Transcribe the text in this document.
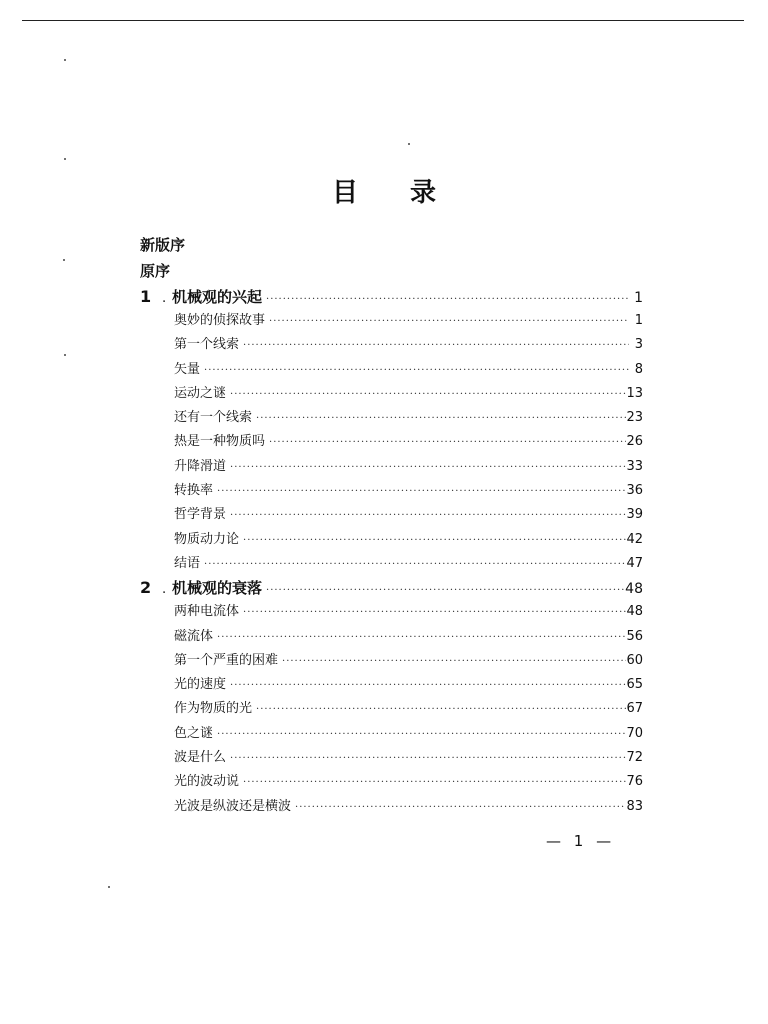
目 录
新版序
原序
1 . 机械观的兴起 ·····	1
奥妙的侦探故事 ·····	1
第一个线索 ·····	3
矢量 ·····	8
运动之谜 ·····	13
还有一个线索 ·····	23
热是一种物质吗 ·····	26
升降滑道 ·····	33
转换率 ·····	36
哲学背景 ·····	39
物质动力论 ·····	42
结语 ·····	47
2 . 机械观的衰落 ·····	48
两种电流体 ·····	48
磁流体 ·····	56
第一个严重的困难 ·····	60
光的速度 ·····	65
作为物质的光 ·····	67
色之谜 ·····	70
波是什么 ·····	72
光的波动说 ·····	76
光波是纵波还是横波 ·····	83
— 1 —
